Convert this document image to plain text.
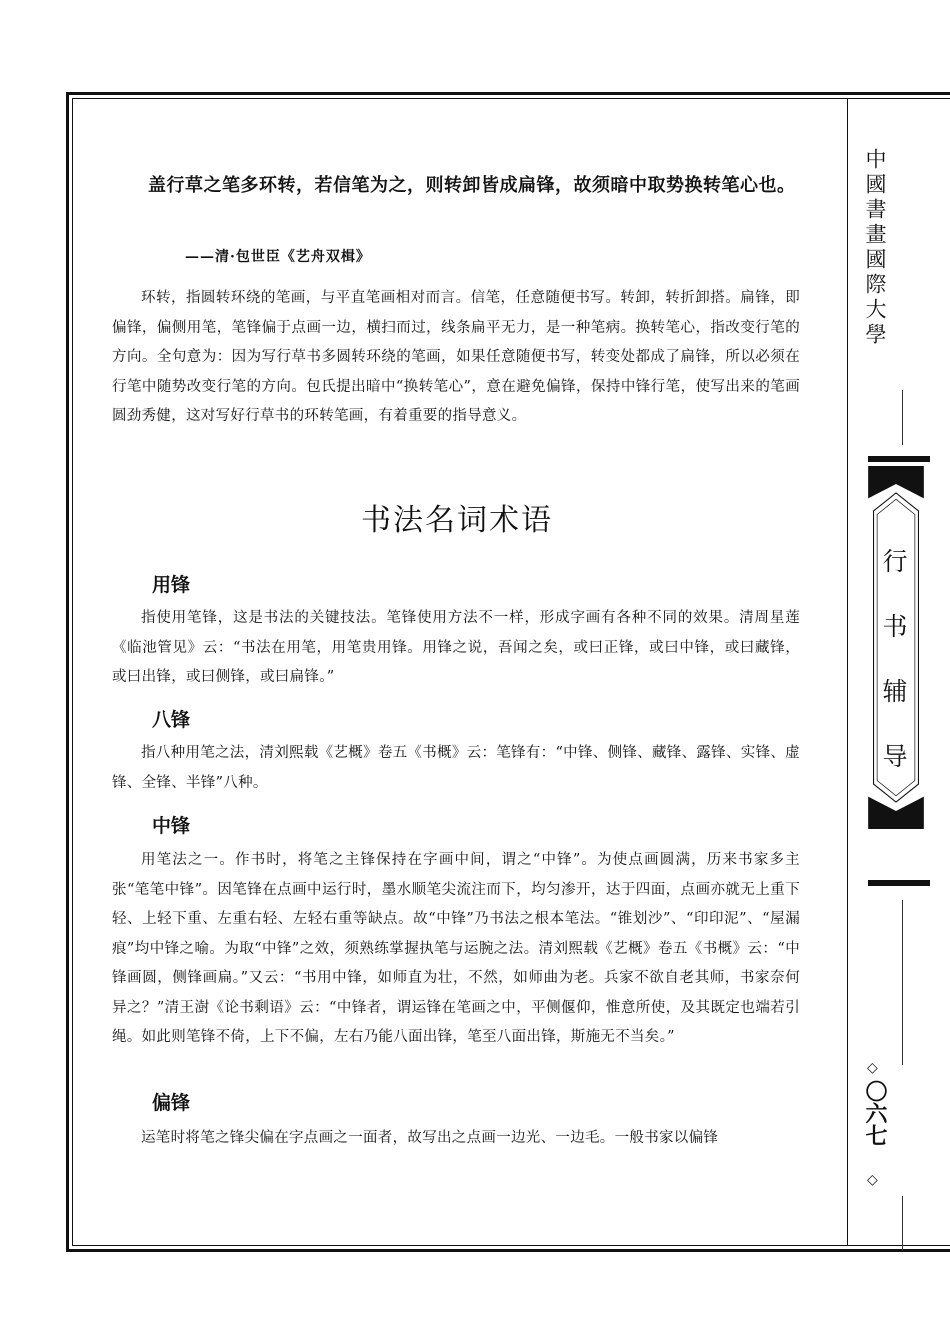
盖行草之笔多环转，若信笔为之，则转卸皆成扁锋，故须暗中取势换转笔心也。
——清·包世臣《艺舟双楫》
环转，指圆转环绕的笔画，与平直笔画相对而言。信笔，任意随便书写。转卸，转折卸搭。扁锋，即偏锋，偏侧用笔，笔锋偏于点画一边，横扫而过，线条扁平无力，是一种笔病。换转笔心，指改变行笔的方向。全句意为：因为写行草书多圆转环绕的笔画，如果任意随便书写，转变处都成了扁锋，所以必须在行笔中随势改变行笔的方向。包氏提出暗中“换转笔心”，意在避免偏锋，保持中锋行笔，使写出来的笔画圆劲秀健，这对写好行草书的环转笔画，有着重要的指导意义。
书法名词术语
用锋
指使用笔锋，这是书法的关键技法。笔锋使用方法不一样，形成字画有各种不同的效果。清周星莲《临池管见》云：“书法在用笔，用笔贵用锋。用锋之说，吾闻之矣，或曰正锋，或曰中锋，或曰藏锋，或曰出锋，或曰侧锋，或曰扁锋。”
八锋
指八种用笔之法，清刘熙载《艺概》卷五《书概》云：笔锋有：“中锋、侧锋、藏锋、露锋、实锋、虚锋、全锋、半锋”八种。
中锋
用笔法之一。作书时，将笔之主锋保持在字画中间，谓之“中锋”。为使点画圆满，历来书家多主张“笔笔中锋”。因笔锋在点画中运行时，墨水顺笔尖流注而下，均匀渗开，达于四面，点画亦就无上重下轻、上轻下重、左重右轻、左轻右重等缺点。故“中锋”乃书法之根本笔法。“锥划沙”、“印印泥”、“屋漏痕”均中锋之喻。为取“中锋”之效，须熟练掌握执笔与运腕之法。清刘熙载《艺概》卷五《书概》云：“中锋画圆，侧锋画扁。”又云：“书用中锋，如师直为壮，不然，如师曲为老。兵家不欲自老其师，书家奈何异之？”清王澍《论书剩语》云：“中锋者，谓运锋在笔画之中，平侧偃仰，惟意所使，及其既定也端若引绳。如此则笔锋不倚，上下不偏，左右乃能八面出锋，笔至八面出锋，斯施无不当矣。”
偏锋
运笔时将笔之锋尖偏在字点画之一面者，故写出之点画一边光、一边毛。一般书家以偏锋
中國書畫國際大學
行书辅导
◇
〇六七
◇
